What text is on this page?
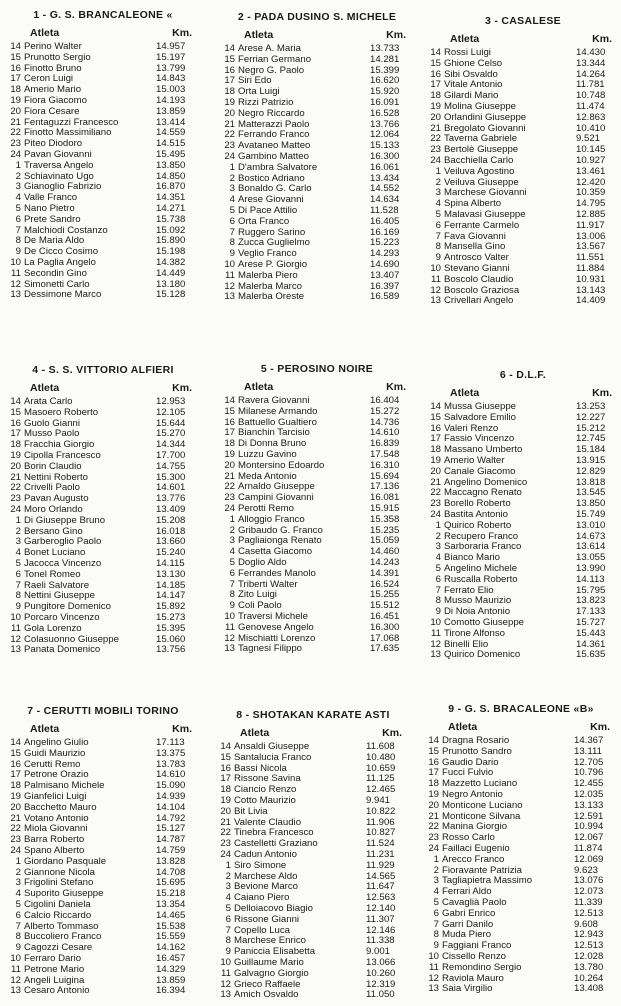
1 - G. S. BRANCALEONE «
Atleta	Km.
14 Perino Walter	14.957
15 Prunotto Sergio	15.197
16 Finotto Bruno	13.799
17 Ceron Luigi	14.843
18 Amerio Mario	15.003
19 Fiora Giacomo	14.193
20 Fiora Cesare	13.859
21 Fentaguzzi Francesco	13.414
22 Finotto Massimiliano	14.559
23 Piteo Diodoro	14.515
24 Pavan Giovanni	15.495
1 Traversa Angelo	13.850
2 Schiavinato Ugo	14.850
3 Gianoglio Fabrizio	16.870
4 Valle Franco	14.351
5 Nano Pietro	14.271
6 Prete Sandro	15.738
7 Malchiodi Costanzo	15.092
8 De Maria Aldo	15.890
9 De Cicco Cosimo	15.198
10 La Paglia Angelo	14.382
11 Secondin Gino	14.449
12 Simonetti Carlo	13.180
13 Dessimone Marco	15.128
2 - PADA DUSINO S. MICHELE
Atleta	Km.
14 Arese A. Maria	13.733
15 Ferrian Germano	14.281
16 Negro G. Paolo	15.399
17 Siri Edo	16.620
18 Orta Luigi	15.920
19 Rizzi Patrizio	16.091
20 Negro Riccardo	16.528
21 Matterazzi Paolo	13.766
22 Ferrando Franco	12.064
23 Avataneo Matteo	15.133
24 Gambino Matteo	16.300
1 D'ambra Salvatore	16.061
2 Bostico Adriano	13.434
3 Bonaldo G. Carlo	14.552
4 Arese Giovanni	14.634
5 Di Pace Attilio	11.528
6 Orta Franco	16.405
7 Ruggero Sarino	16.169
8 Zucca Guglielmo	15.223
9 Veglio Franco	14.293
10 Arese P. Giorgio	14.690
11 Malerba Piero	13.407
12 Malerba Marco	16.397
13 Malerba Oreste	16.589
3 - CASALESE
Atleta	Km.
14 Rossi Luigi	14.430
15 Ghione Celso	13.344
16 Sibi Osvaldo	14.264
17 Vitale Antonio	11.781
18 Gilardi Mario	10.748
19 Molina Giuseppe	11.474
20 Orlandini Giuseppe	12.863
21 Bregolato Giovanni	10.410
22 Taverna Gabriele	9.521
23 Bertolè Giuseppe	10.145
24 Bacchiella Carlo	10.927
1 Veiluva Agostino	13.461
2 Veiluva Giuseppe	12.420
3 Marchese Giovanni	10.359
4 Spina Alberto	14.795
5 Malavasi Giuseppe	12.885
6 Ferrante Carmelo	11.917
7 Fava Giovanni	13.006
8 Mansella Gino	13.567
9 Antrosco Valter	11.551
10 Stevano Gianni	11.884
11 Boscolo Claudio	10.931
12 Boscolo Graziosa	13.143
13 Crivellari Angelo	14.409
4 - S. S. VITTORIO ALFIERI
Atleta	Km.
14 Arata Carlo	12.953
15 Masoero Roberto	12.105
16 Guolo Gianni	15.644
17 Musso Paolo	15.270
18 Fracchia Giorgio	14.344
19 Cipolla Francesco	17.700
20 Borin Claudio	14.755
21 Nettini Roberto	15.300
22 Crivelli Paolo	14.601
23 Pavan Augusto	13.776
24 Moro Orlando	13.409
1 Di Giuseppe Bruno	15.208
2 Bersano Gino	16.018
3 Garberoglio Paolo	13.660
4 Bonet Luciano	15.240
5 Jacocca Vincenzo	14.115
6 Tonel Romeo	13.130
7 Raeli Salvatore	14.185
8 Nettini Giuseppe	14.147
9 Pungitore Domenico	15.892
10 Porcaro Vincenzo	15.273
11 Gola Lorenzo	15.395
12 Colasuonno Giuseppe	15.060
13 Panata Domenico	13.756
5 - PEROSINO NOIRE
Atleta	Km.
14 Ravera Giovanni	16.404
15 Milanese Armando	15.272
16 Battuello Gualtiero	14.736
17 Bianchin Tarcisio	14.610
18 Di Donna Bruno	16.839
19 Luzzu Gavino	17.548
20 Montersino Edoardo	16.310
21 Meda Antonio	15.694
22 Arnaldo Giuseppe	17.136
23 Campini Giovanni	16.081
24 Perotti Remo	15.915
1 Alloggio Franco	15.358
2 Gribaudo G. Franco	15.235
3 Pagliaionga Renato	15.059
4 Casetta Giacomo	14.460
5 Doglio Aldo	14.243
6 Ferrandes Manolo	14.391
7 Triberti Walter	16.524
8 Zito Luigi	15.255
9 Coli Paolo	15.512
10 Traversi Michele	16.451
11 Genovese Angelo	16.300
12 Mischiatti Lorenzo	17.068
13 Tagnesi Filippo	17.635
6 - D.L.F.
Atleta	Km.
14 Mussa Giuseppe	13.253
15 Salvadore Emilio	12.227
16 Valeri Renzo	15.212
17 Fassio Vincenzo	12.745
18 Massano Umberto	15.184
19 Amerio Walter	13.915
20 Canale Giacomo	12.829
21 Angelino Domenico	13.818
22 Maccagno Renato	13.545
23 Borello Roberto	13.850
24 Bastita Antonio	15.749
1 Quirico Roberto	13.010
2 Recupero Franco	14.673
3 Sarboraria Franco	13.614
4 Bianco Mario	13.055
5 Angelino Michele	13.990
6 Ruscalla Roberto	14.113
7 Ferrato Elio	15.795
8 Musso Maurizio	13.823
9 Di Noia Antonio	17.133
10 Comotto Giuseppe	15.727
11 Tirone Alfonso	15.443
12 Binelli Elio	14.361
13 Quirico Domenico	15.635
7 - CERUTTI MOBILI TORINO
Atleta	Km.
14 Angelino Giulio	17.113
15 Guidi Maurizio	13.375
16 Cerutti Remo	13.783
17 Petrone Orazio	14.610
18 Palmisano Michele	15.090
19 Gianfelici Luigi	14.939
20 Bacchetto Mauro	14.104
21 Votano Antonio	14.792
22 Miola Giovanni	15.127
23 Barra Roberto	14.787
24 Spano Alberto	14.759
1 Giordano Pasquale	13.828
2 Giannone Nicola	14.708
3 Frigolini Stefano	15.695
4 Suporito Giuseppe	15.218
5 Cigolini Daniela	13.354
6 Calcio Riccardo	14.465
7 Alberto Tommaso	15.538
8 Buccoliero Franco	15.559
9 Cagozzi Cesare	14.162
10 Ferraro Dario	16.457
11 Petrone Mario	14.329
12 Angeli Luigina	13.859
13 Cesaro Antonio	16.394
8 - SHOTAKAN KARATE ASTI
Atleta	Km.
14 Ansaldi Giuseppe	11.608
15 Santalucia Franco	10.480
16 Bassi Nicola	10.659
17 Rissone Savina	11.125
18 Ciancio Renzo	12.465
19 Cotto Maurizio	9.941
20 Bit Livia	10.822
21 Valente Claudio	11.906
22 Tinebra Francesco	10.827
23 Castelletti Graziano	11.524
24 Cadun Antonio	11.231
1 Siro Simone	11.929
2 Marchese Aldo	14.565
3 Bevione Marco	11.647
4 Caiano Piero	12.563
5 Delloiacovo Biagio	12.140
6 Rissone Gianni	11.307
7 Copello Luca	12.146
8 Marchese Enrico	11.338
9 Paniccia Elisabetta	9.001
10 Guillaume Mario	13.066
11 Galvagno Giorgio	10.260
12 Grieco Raffaele	12.319
13 Amich Osvaldo	11.050
9 - G. S. BRACALEONE «B»
Atleta	Km.
14 Dragna Rosario	14.367
15 Prunotto Sandro	13.111
16 Gaudio Dario	12.705
17 Fucci Fulvio	10.796
18 Mazzetto Luciano	12.455
19 Negro Antonio	12.035
20 Monticone Luciano	13.133
21 Monticone Silvana	12.591
22 Manina Giorgio	10.994
23 Rosso Carlo	12.067
24 Faillaci Eugenio	11.874
1 Arecco Franco	12.069
2 Fioravante Patrizia	9.623
3 Tagliapietra Massimo	13.076
4 Ferrari Aldo	12.073
5 Cavaglià Paolo	11.339
6 Gabri Enrico	12.513
7 Garri Danilo	9.608
8 Muda Piero	12.943
9 Faggiani Franco	12.513
10 Cissello Renzo	12.028
11 Remondino Sergio	13.780
12 Raviola Mauro	10.264
13 Saia Virgilio	13.408
